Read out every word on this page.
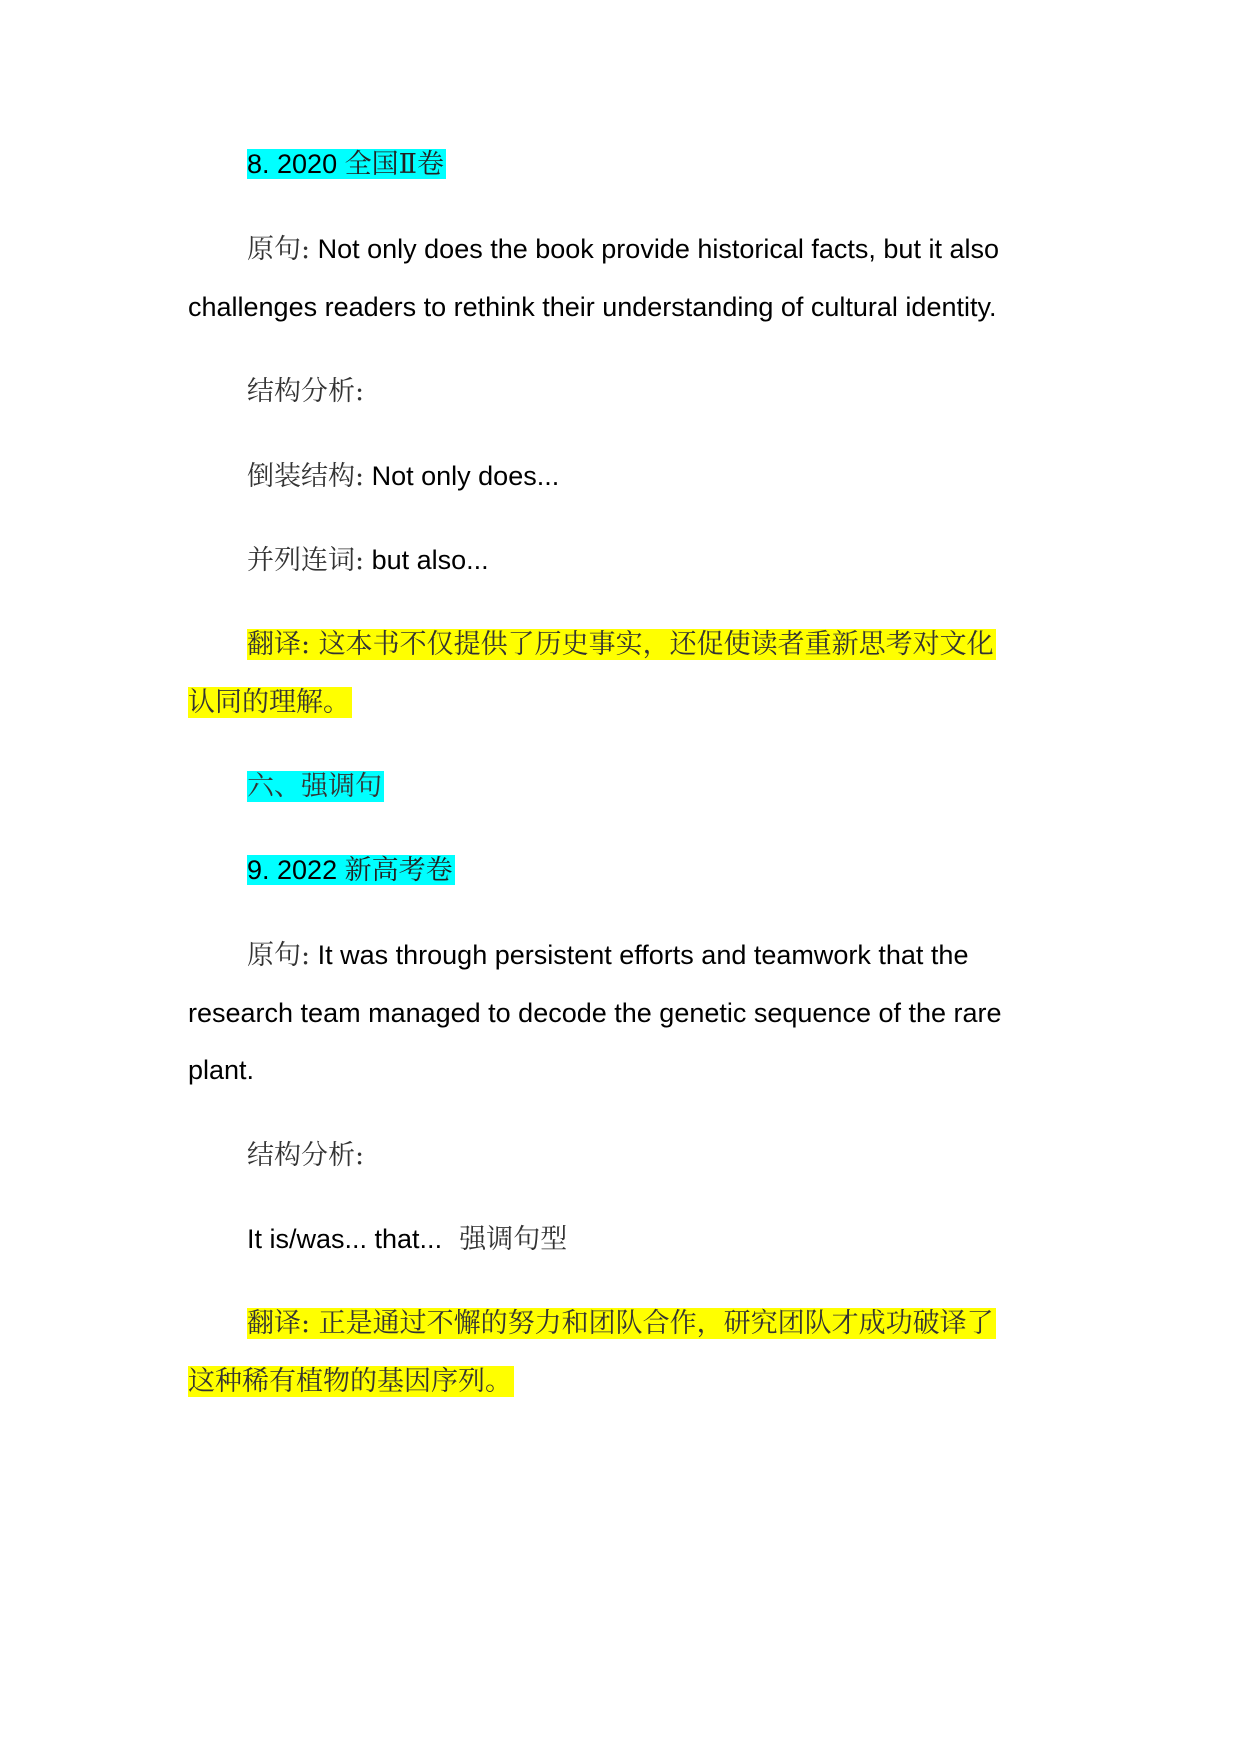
8. 2020 全国Ⅱ卷
原句: Not only does the book provide historical facts, but it also
challenges readers to rethink their understanding of cultural identity.
结构分析:
倒装结构: Not only does...
并列连词: but also...
翻译: 这本书不仅提供了历史事实，还促使读者重新思考对文化
认同的理解。
六、强调句
9. 2022 新高考卷
原句: It was through persistent efforts and teamwork that the
research team managed to decode the genetic sequence of the rare
plant.
结构分析:
It is/was... that...  强调句型
翻译: 正是通过不懈的努力和团队合作，研究团队才成功破译了
这种稀有植物的基因序列。
